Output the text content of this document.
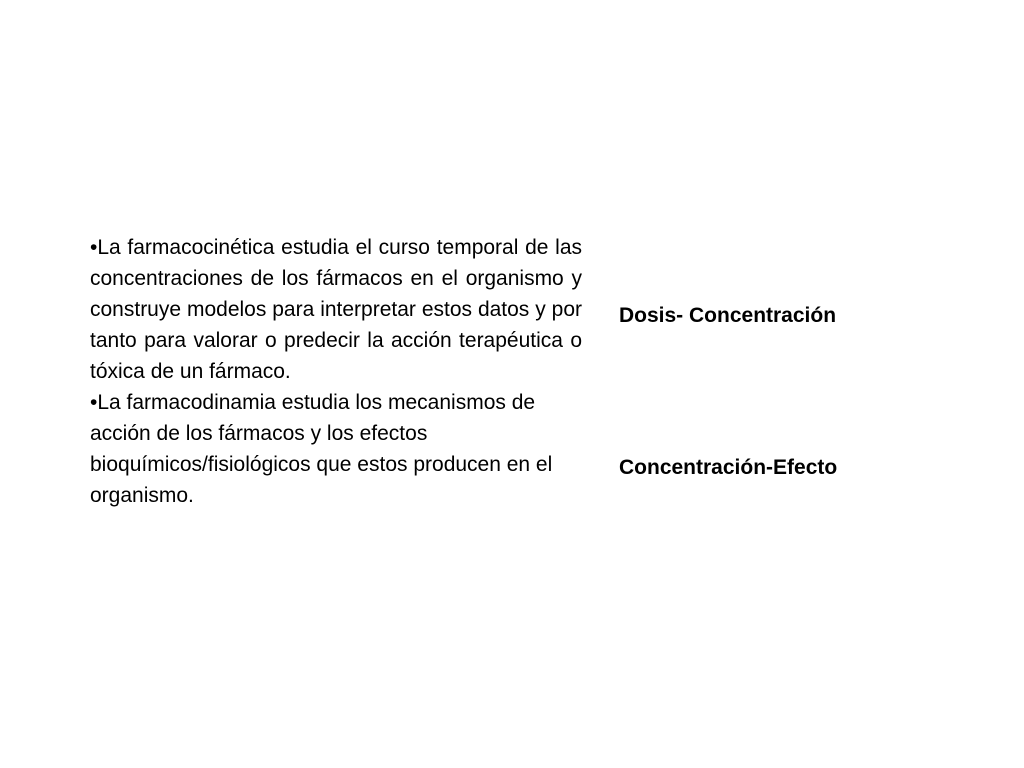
•La farmacocinética estudia el curso temporal de las concentraciones de los fármacos en el organismo y construye modelos para interpretar estos datos y por tanto para valorar o predecir la acción terapéutica o tóxica de un fármaco.

•La farmacodinamia estudia los mecanismos de acción de los fármacos y los efectos bioquímicos/fisiológicos que estos producen en el organismo.

Dosis- Concentración
Concentración-Efecto
